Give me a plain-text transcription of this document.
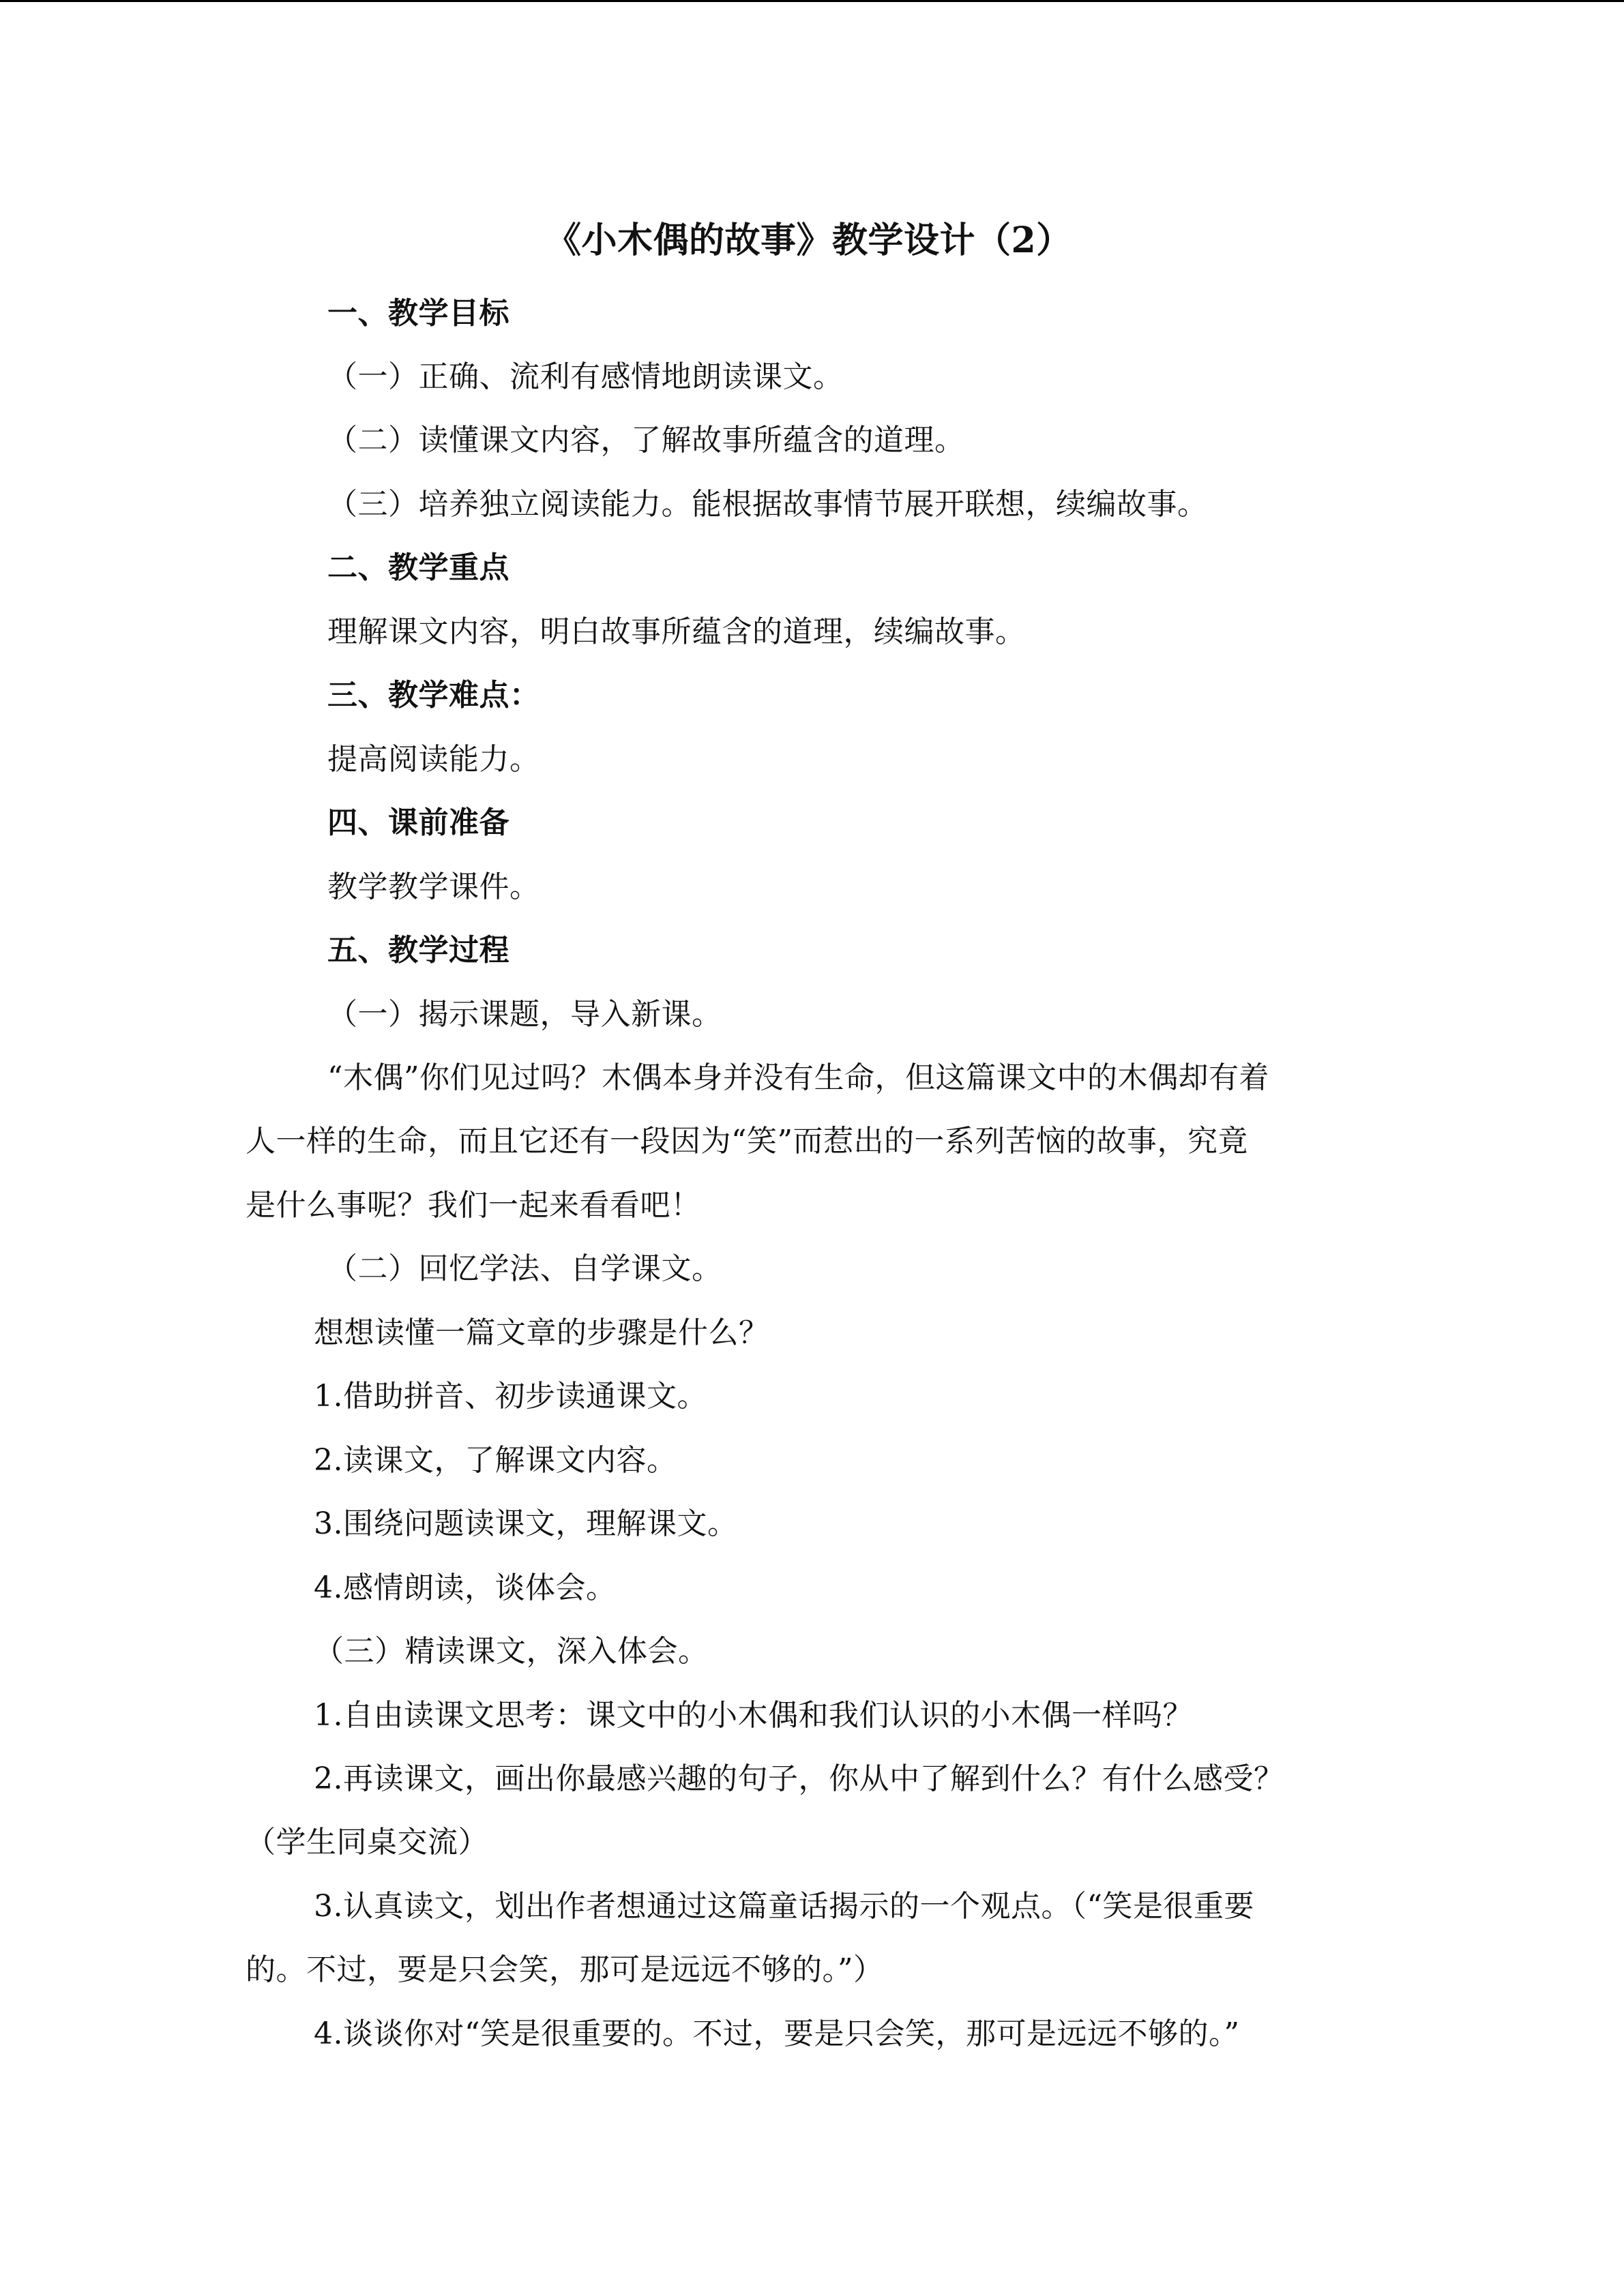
《小木偶的故事》教学设计（2）
一、教学目标
（一）正确、流利有感情地朗读课文。
（二）读懂课文内容，了解故事所蕴含的道理。
（三）培养独立阅读能力。能根据故事情节展开联想，续编故事。
二、教学重点
理解课文内容，明白故事所蕴含的道理，续编故事。
三、教学难点：
提高阅读能力。
四、课前准备
教学教学课件。
五、教学过程
（一）揭示课题，导入新课。
“木偶”你们见过吗？木偶本身并没有生命，但这篇课文中的木偶却有着
人一样的生命，而且它还有一段因为“笑”而惹出的一系列苦恼的故事，究竟
是什么事呢？我们一起来看看吧！
（二）回忆学法、自学课文。
想想读懂一篇文章的步骤是什么？
1.借助拼音、初步读通课文。
2.读课文，了解课文内容。
3.围绕问题读课文，理解课文。
4.感情朗读，谈体会。
（三）精读课文，深入体会。
1.自由读课文思考：课文中的小木偶和我们认识的小木偶一样吗？
2.再读课文，画出你最感兴趣的句子，你从中了解到什么？有什么感受？
（学生同桌交流）
3.认真读文，划出作者想通过这篇童话揭示的一个观点。（“笑是很重要
的。不过，要是只会笑，那可是远远不够的。”）
4.谈谈你对“笑是很重要的。不过，要是只会笑，那可是远远不够的。”
